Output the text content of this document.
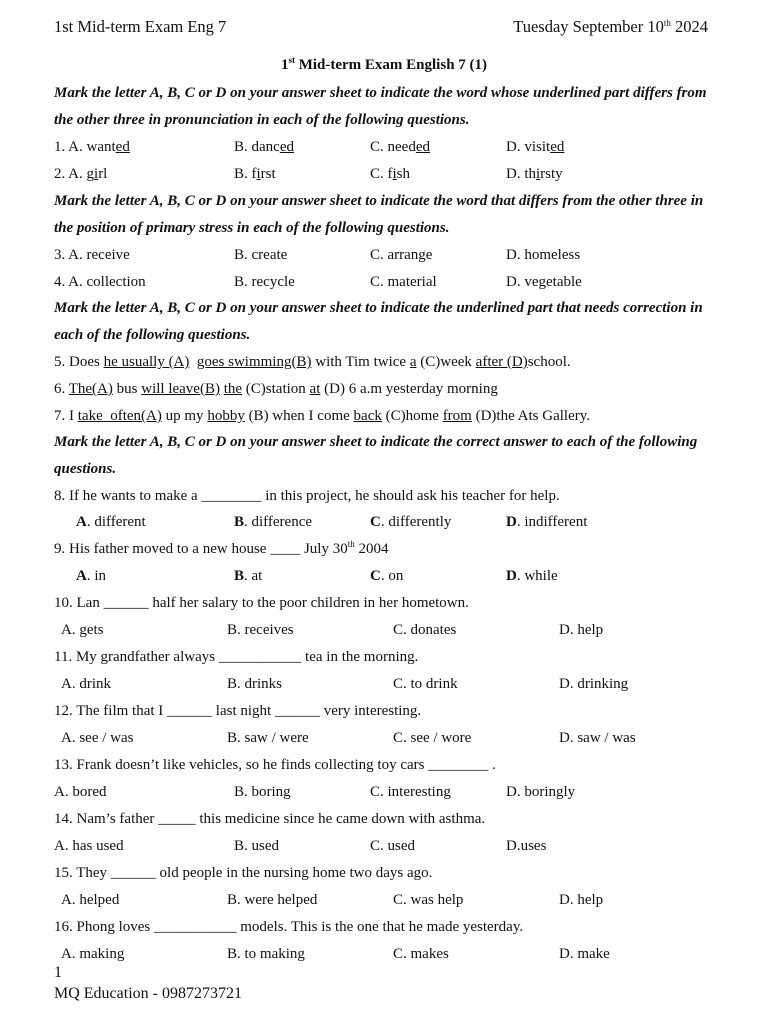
1st Mid-term Exam Eng 7	Tuesday September 10th 2024
1st Mid-term Exam English 7 (1)
Mark the letter A, B, C or D on your answer sheet to indicate the word whose underlined part differs from
the other three in pronunciation in each of the following questions.
1. A. wanted	B. danced	C. needed	D. visited
2. A. girl	B. first	C. fish	D. thirsty
Mark the letter A, B, C or D on your answer sheet to indicate the word that differs from the other three in
the position of primary stress in each of the following questions.
3. A. receive	B. create	C. arrange	D. homeless
4. A. collection	B. recycle	C. material	D. vegetable
Mark the letter A, B, C or D on your answer sheet to indicate the underlined part that needs correction in
each of the following questions.
5. Does he usually (A) goes swimming(B) with Tim twice a (C)week after (D)school.
6. The(A) bus will leave(B) the (C)station at (D) 6 a.m yesterday morning
7. I take  often(A) up my hobby (B) when I come back (C)home from (D)the Ats Gallery.
Mark the letter A, B, C or D on your answer sheet to indicate the correct answer to each of the following
questions.
8. If he wants to make a ________ in this project, he should ask his teacher for help.
A. different	B. difference	C. differently	D. indifferent
9. His father moved to a new house ____ July 30th 2004
A. in	B. at	C. on	D. while
10. Lan ______ half her salary to the poor children in her hometown.
A. gets	B. receives	C. donates	D. help
11. My grandfather always ___________ tea in the morning.
A. drink	B. drinks	C. to drink	D. drinking
12. The film that I ______ last night ______ very interesting.
A. see / was	B. saw / were	C. see / wore	D. saw / was
13. Frank doesn’t like vehicles, so he finds collecting toy cars ________ .
A. bored	B. boring	C. interesting	D. boringly
14. Nam’s father _____ this medicine since he came down with asthma.
A. has used	B. used	C. used	D.uses
15. They ______ old people in the nursing home two days ago.
A. helped	B. were helped	C. was help	D. help
16. Phong loves ___________ models. This is the one that he made yesterday.
A. making	B. to making	C. makes	D. make
1
MQ Education - 0987273721
